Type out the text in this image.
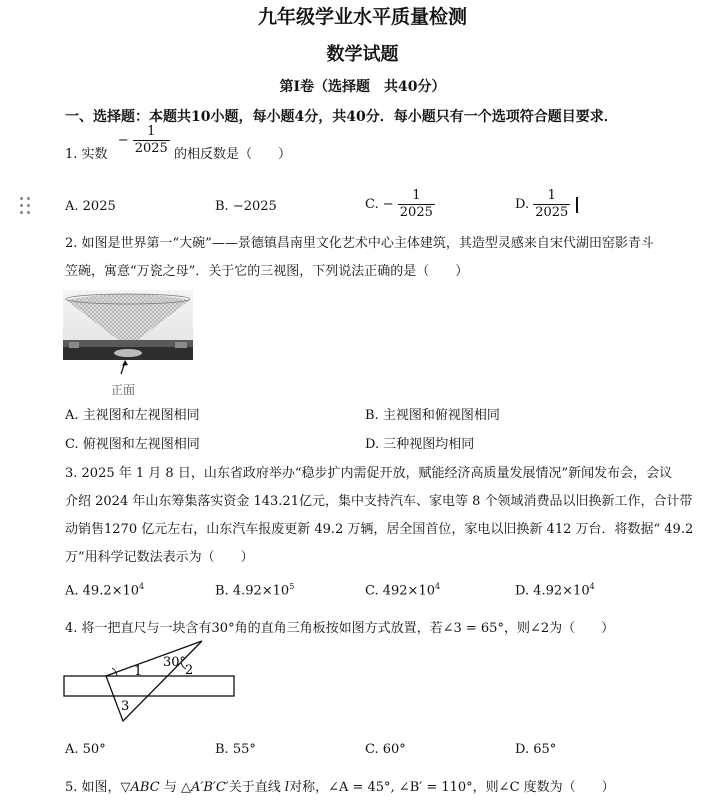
九年级学业水平质量检测
数学试题
第Ⅰ卷（选择题　共40分）
一、选择题：本题共10小题，每小题4分，共40分．每小题只有一个选项符合题目要求．
1. 实数 − $\frac{1}{2025}$ 的相反数是（　　）
A. 2025	B. −2025	C. − $\frac{1}{2025}$	D. $\frac{1}{2025}$

2. 如图是世界第一“大碗”——景德镇昌南里文化艺术中心主体建筑，其造型灵感来自宋代湖田窑影青斗
笠碗，寓意“万瓷之母”．关于它的三视图，下列说法正确的是（　　）
正面
A. 主视图和左视图相同	B. 主视图和俯视图相同
C. 俯视图和左视图相同	D. 三种视图均相同
3. 2025 年 1 月 8 日，山东省政府举办“稳步扩内需促开放，赋能经济高质量发展情况”新闻发布会，会议
介绍 2024 年山东筹集落实资金 143.21亿元，集中支持汽车、家电等 8 个领域消费品以旧换新工作，合计带
动销售1270 亿元左右，山东汽车报废更新 49.2 万辆，居全国首位，家电以旧换新 412 万台．将数据“ 49.2
万”用科学记数法表示为（　　）
A. $49.2\times 10^4$	B. $4.92\times 10^5$	C. $492\times 10^4$	D. $4.92\times 10^4$
4. 将一把直尺与一块含有30°角的直角三角板按如图方式放置，若∠3 = 65°，则∠2为（　　）
1
30°
2
3
A. 50°	B. 55°	C. 60°	D. 65°
5. 如图，▽ABC 与 △A′B′C′关于直线 l对称，∠A = 45°, ∠B′ = 110°，则∠C 度数为（　　）
